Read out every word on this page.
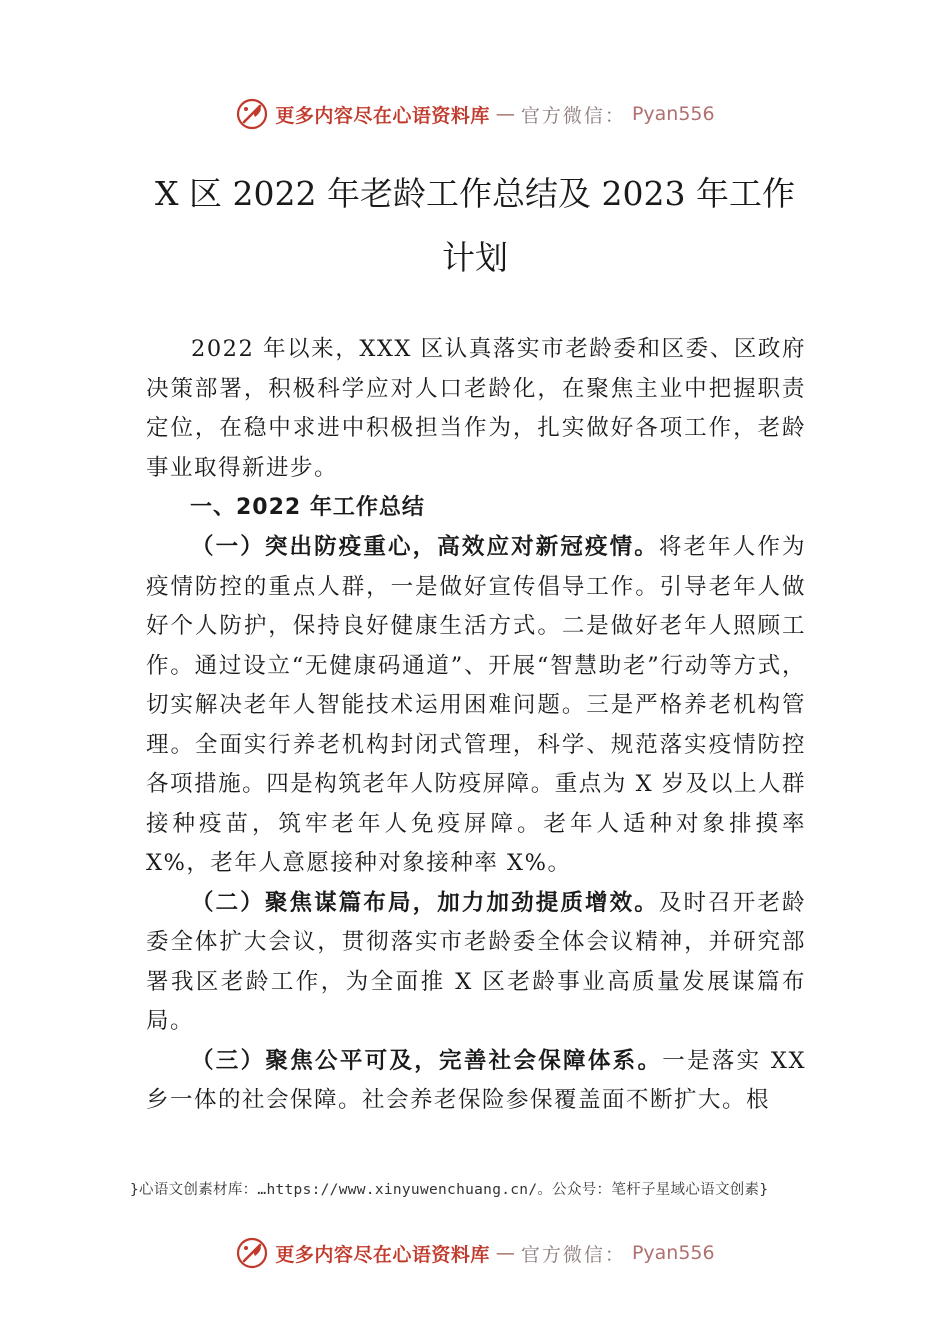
更多内容尽在心语资料库 — 官方微信： Pyan556
X 区 2022 年老龄工作总结及 2023 年工作
计划

2022 年以来，XXX 区认真落实市老龄委和区委、区政府决策部署，积极科学应对人口老龄化，在聚焦主业中把握职责定位，在稳中求进中积极担当作为，扎实做好各项工作，老龄事业取得新进步。

一、2022 年工作总结

（一）突出防疫重心，高效应对新冠疫情。将老年人作为疫情防控的重点人群，一是做好宣传倡导工作。引导老年人做好个人防护，保持良好健康生活方式。二是做好老年人照顾工作。通过设立“无健康码通道”、开展“智慧助老”行动等方式，切实解决老年人智能技术运用困难问题。三是严格养老机构管理。全面实行养老机构封闭式管理，科学、规范落实疫情防控各项措施。四是构筑老年人防疫屏障。重点为 X 岁及以上人群接种疫苗，筑牢老年人免疫屏障。老年人适种对象排摸率 X%，老年人意愿接种对象接种率 X%。

（二）聚焦谋篇布局，加力加劲提质增效。及时召开老龄委全体扩大会议，贯彻落实市老龄委全体会议精神，并研究部署我区老龄工作，为全面推 X 区老龄事业高质量发展谋篇布局。

（三）聚焦公平可及，完善社会保障体系。一是落实 XX 乡一体的社会保障。社会养老保险参保覆盖面不断扩大。根

}心语文创素材库：…https://www.xinyuwenchuang.cn/。公众号：笔杆子星域心语文创素}
更多内容尽在心语资料库 — 官方微信： Pyan556
